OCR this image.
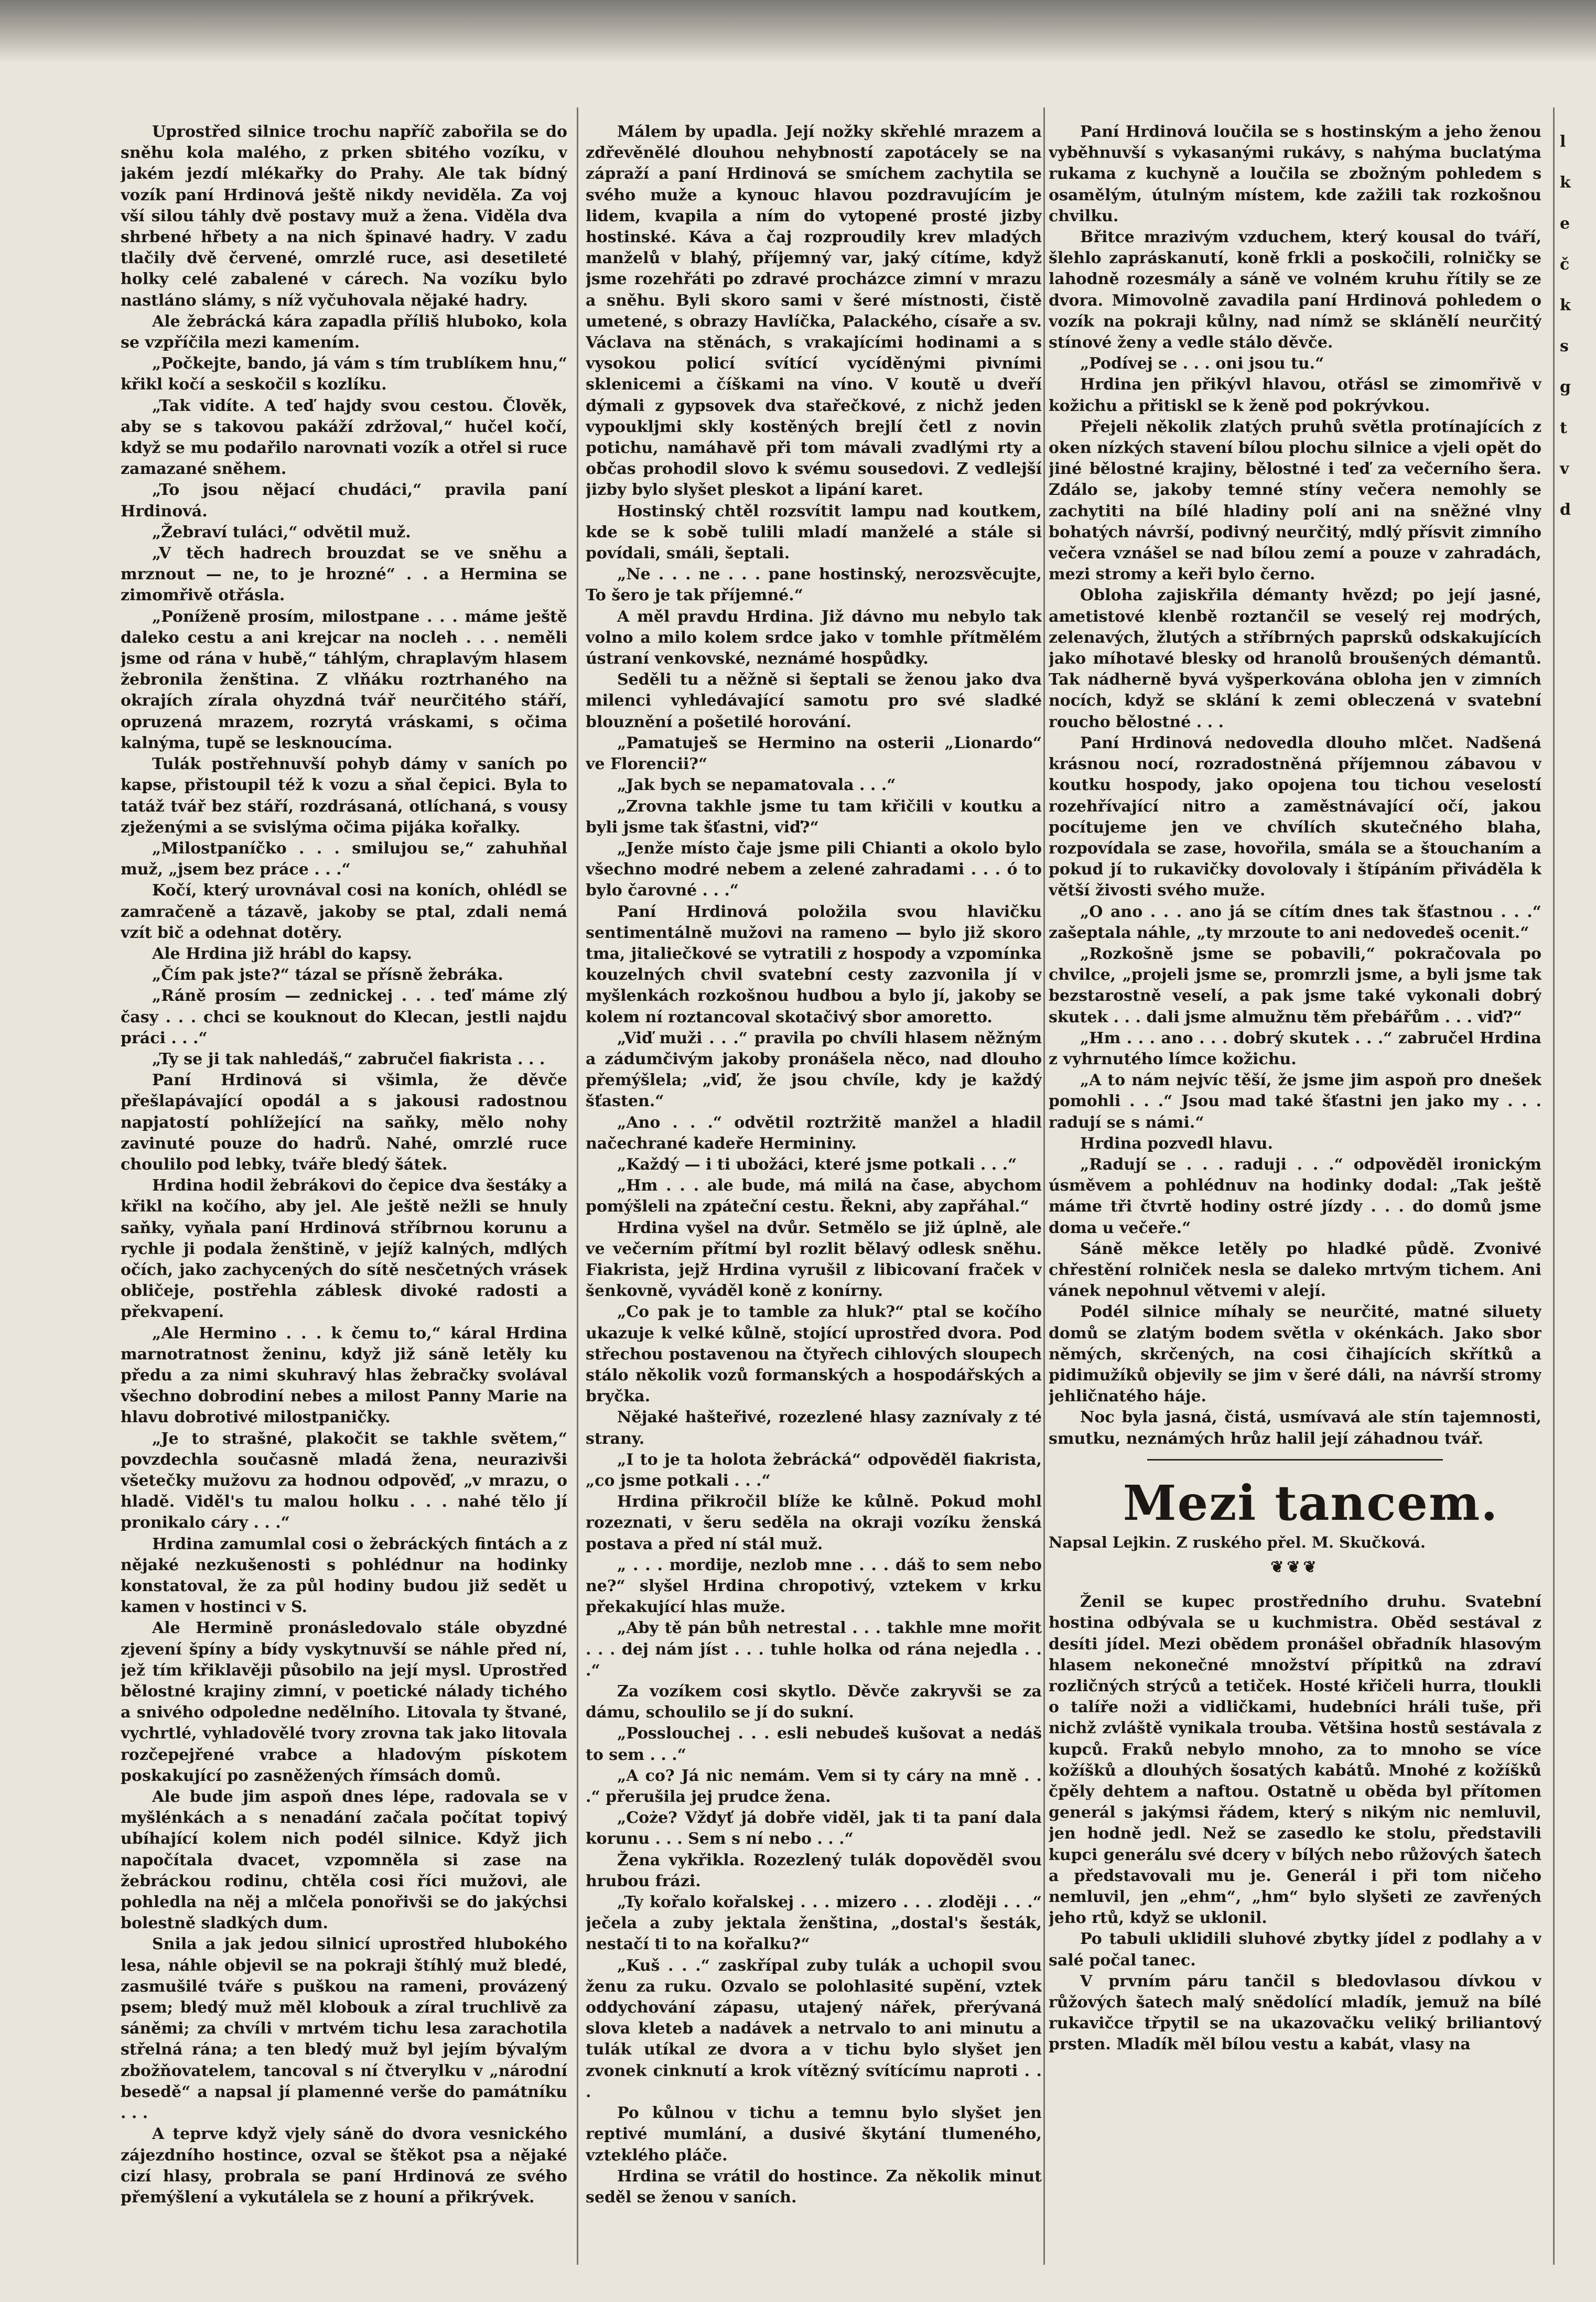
Uprostřed silnice trochu napříč zabořila se do sněhu kola malého, z prken sbitého vozíku, v jakém jezdí mlékařky do Prahy. Ale tak bídný vozík paní Hrdinová ještě nikdy neviděla. Za voj vší silou táhly dvě postavy muž a žena. Viděla dva shrbené hřbety a na nich špinavé hadry. V zadu tlačily dvě červené, omrzlé ruce, asi desetileté holky celé zabalené v cárech. Na vozíku bylo nastláno slámy, s níž vyčuhovala nějaké hadry.

Ale žebrácká kára zapadla příliš hluboko, kola se vzpříčila mezi kamením.

„Počkejte, bando, já vám s tím trublíkem hnu,“ křikl kočí a seskočil s kozlíku.

„Tak vidíte. A teď hajdy svou cestou. Člověk, aby se s takovou pakáží zdržoval,“ hučel kočí, když se mu podařilo narovnati vozík a otřel si ruce zamazané sněhem.

„To jsou nějací chudáci,“ pravila paní Hrdinová.

„Žebraví tuláci,“ odvětil muž.

„V těch hadrech brouzdat se ve sněhu a mrznout — ne, to je hrozné“ . . a Hermina se zimomřivě otřásla.

„Poníženě prosím, milostpane . . . máme ještě daleko cestu a ani krejcar na nocleh . . . neměli jsme od rána v hubě,“ táhlým, chraplavým hlasem žebronila ženština. Z vlňáku roztrhaného na okrajích zírala ohyzdná tvář neurčitého stáří, opruzená mrazem, rozrytá vráskami, s očima kalnýma, tupě se lesknoucíma.

Tulák postřehnuvší pohyb dámy v saních po kapse, přistoupil též k vozu a sňal čepici. Byla to tatáž tvář bez stáří, rozdrásaná, otlíchaná, s vousy zježenými a se svislýma očima pijáka kořalky.

„Milostpaníčko . . . smilujou se,“ zahuhňal muž, „jsem bez práce . . .“

Kočí, který urovnával cosi na koních, ohlédl se zamračeně a tázavě, jakoby se ptal, zdali nemá vzít bič a odehnat dotěry.

Ale Hrdina již hrábl do kapsy.

„Čím pak jste?“ tázal se přísně žebráka.

„Ráně prosím — zednickej . . . teď máme zlý časy . . . chci se kouknout do Klecan, jestli najdu práci . . .“

„Ty se ji tak nahledáš,“ zabručel fiakrista . . .

Paní Hrdinová si všimla, že děvče přešlapávající opodál a s jakousi radostnou napjatostí pohlížející na saňky, mělo nohy zavinuté pouze do hadrů. Nahé, omrzlé ruce choulilo pod lebky, tváře bledý šátek.

Hrdina hodil žebrákovi do čepice dva šestáky a křikl na kočího, aby jel. Ale ještě nežli se hnuly saňky, vyňala paní Hrdinová stříbrnou korunu a rychle ji podala ženštině, v jejíž kalných, mdlých očích, jako zachycených do sítě nesčetných vrásek obličeje, postřehla záblesk divoké radosti a překvapení.

„Ale Hermino . . . k čemu to,“ káral Hrdina marnotratnost ženinu, když již sáně letěly ku předu a za nimi skuhravý hlas žebračky svolával všechno dobrodiní nebes a milost Panny Marie na hlavu dobrotivé milostpaničky.

„Je to strašné, plakočit se takhle světem,“ povzdechla současně mladá žena, neurazivši všetečky mužovu za hodnou odpověď, „v mrazu, o hladě. Viděl's tu malou holku . . . nahé tělo jí pronikalo cáry . . .“

Hrdina zamumlal cosi o žebráckých fintách a z nějaké nezkušenosti s pohlédnur na hodinky konstatoval, že za půl hodiny budou již sedět u kamen v hostinci v S.

Ale Hermině pronásledovalo stále obyzdné zjevení špíny a bídy vyskytnuvší se náhle před ní, jež tím křiklavěji působilo na její mysl. Uprostřed bělostné krajiny zimní, v poetické nálady tichého a snivého odpoledne nedělního. Litovala ty štvané, vychrtlé, vyhladovělé tvory zrovna tak jako litovala rozčepejřené vrabce a hladovým pískotem poskakující po zasněžených římsách domů.

Ale bude jim aspoň dnes lépe, radovala se v myšlénkách a s nenadání začala počítat topivý ubíhající kolem nich podél silnice. Když jich napočítala dvacet, vzpomněla si zase na žebráckou rodinu, chtěla cosi říci mužovi, ale pohledla na něj a mlčela ponořivši se do jakýchsi bolestně sladkých dum.

Snila a jak jedou silnicí uprostřed hlubokého lesa, náhle objevil se na pokraji štíhlý muž bledé, zasmušilé tváře s puškou na rameni, provázený psem; bledý muž měl klobouk a zíral truchlivě za sáněmi; za chvíli v mrtvém tichu lesa zarachotila střelná rána; a ten bledý muž byl jejím bývalým zbožňovatelem, tancoval s ní čtverylku v „národní besedě“ a napsal jí plamenné verše do památníku . . .

A teprve když vjely sáně do dvora vesnického zájezdního hostince, ozval se štěkot psa a nějaké cizí hlasy, probrala se paní Hrdinová ze svého přemýšlení a vykutálela se z houní a přikrývek.

Málem by upadla. Její nožky skřehlé mrazem a zdřevěnělé dlouhou nehybností zapotácely se na zápraží a paní Hrdinová se smíchem zachytila se svého muže a kynouc hlavou pozdravujícím je lidem, kvapila a ním do vytopené prosté jizby hostinské. Káva a čaj rozproudily krev mladých manželů v blahý, příjemný var, jaký cítíme, když jsme rozehřáti po zdravé procházce zimní v mrazu a sněhu. Byli skoro sami v šeré místnosti, čistě umetené, s obrazy Havlíčka, Palackého, císaře a sv. Václava na stěnách, s vrakajícími hodinami a s vysokou policí svítící vycíděnými pivními sklenicemi a číškami na víno. V koutě u dveří dýmali z gypsovek dva stařečkové, z nichž jeden vypoukljmi skly kostěných brejlí četl z novin potichu, namáhavě při tom mávali zvadlými rty a občas prohodil slovo k svému sousedovi. Z vedlejší jizby bylo slyšet pleskot a lipání karet.

Hostinský chtěl rozsvítit lampu nad koutkem, kde se k sobě tulili mladí manželé a stále si povídali, smáli, šeptali.

„Ne . . . ne . . . pane hostinský, nerozsvěcujte, To šero je tak příjemné.“

A měl pravdu Hrdina. Již dávno mu nebylo tak volno a milo kolem srdce jako v tomhle přítmělém ústraní venkovské, neznámé hospůdky.

Seděli tu a něžně si šeptali se ženou jako dva milenci vyhledávající samotu pro své sladké blouznění a pošetilé horování.

„Pamatuješ se Hermino na osterii „Lionardo“ ve Florencii?“

„Jak bych se nepamatovala . . .“

„Zrovna takhle jsme tu tam křičili v koutku a byli jsme tak šťastni, viď?“

„Jenže místo čaje jsme pili Chianti a okolo bylo všechno modré nebem a zelené zahradami . . . ó to bylo čarovné . . .“

Paní Hrdinová položila svou hlavičku sentimentálně mužovi na rameno — bylo již skoro tma, jitaliečkové se vytratili z hospody a vzpomínka kouzelných chvil svatební cesty zazvonila jí v myšlenkách rozkošnou hudbou a bylo jí, jakoby se kolem ní roztancoval skotačivý sbor amoretto.

„Viď muži . . .“ pravila po chvíli hlasem něžným a zádumčivým jakoby pronášela něco, nad dlouho přemýšlela; „viď, že jsou chvíle, kdy je každý šťasten.“

„Ano . . .“ odvětil roztržitě manžel a hladil načechrané kadeře Hermininy.

„Každý — i ti ubožáci, které jsme potkali . . .“

„Hm . . . ale bude, má milá na čase, abychom pomýšleli na zpáteční cestu. Řekni, aby zapřáhal.“

Hrdina vyšel na dvůr. Setmělo se již úplně, ale ve večerním přítmí byl rozlit bělavý odlesk sněhu. Fiakrista, jejž Hrdina vyrušil z libicovaní fraček v šenkovně, vyváděl koně z konírny.

„Co pak je to tamble za hluk?“ ptal se kočího ukazuje k velké kůlně, stojící uprostřed dvora. Pod střechou postavenou na čtyřech cihlových sloupech stálo několik vozů formanských a hospodářských a bryčka.

Nějaké hašteřivé, rozezlené hlasy zaznívaly z té strany.

„I to je ta holota žebrácká“ odpověděl fiakrista, „co jsme potkali . . .“

Hrdina přikročil blíže ke kůlně. Pokud mohl rozeznati, v šeru seděla na okraji vozíku ženská postava a před ní stál muž.

„ . . . mordije, nezlob mne . . . dáš to sem nebo ne?“ slyšel Hrdina chropotivý, vztekem v krku překakující hlas muže.

„Aby tě pán bůh netrestal . . . takhle mne mořit . . . dej nám jíst . . . tuhle holka od rána nejedla . . .“

Za vozíkem cosi skytlo. Děvče zakryvši se za dámu, schoulilo se jí do sukní.

„Posslouchej . . . esli nebudeš kušovat a nedáš to sem . . .“

„A co? Já nic nemám. Vem si ty cáry na mně . . .“ přerušila jej prudce žena.

„Coże? Vždyť já dobře viděl, jak ti ta paní dala korunu . . . Sem s ní nebo . . .“

Žena vykřikla. Rozezlený tulák dopověděl svou hrubou frázi.

„Ty kořalo kořalskej . . . mizero . . . zloději . . .“ ječela a zuby jektala ženština, „dostal's šesták, nestačí ti to na kořalku?“

„Kuš . . .“ zaskřípal zuby tulák a uchopil svou ženu za ruku. Ozvalo se polohlasité supění, vztek oddychování zápasu, utajený nářek, přerývaná slova kleteb a nadávek a netrvalo to ani minutu a tulák utíkal ze dvora a v tichu bylo slyšet jen zvonek cinknutí a krok vítězný svítícímu naproti . . .

Po kůlnou v tichu a temnu bylo slyšet jen reptivé mumlání, a dusivé škytání tlumeného, vzteklého pláče.

Hrdina se vrátil do hostince. Za několik minut seděl se ženou v saních.

Paní Hrdinová loučila se s hostinským a jeho ženou vyběhnuvší s vykasanými rukávy, s nahýma buclatýma rukama z kuchyně a loučila se zbožným pohledem s osamělým, útulným místem, kde zažili tak rozkošnou chvilku.

Břitce mrazivým vzduchem, který kousal do tváří, šlehlo zapráskanutí, koně frkli a poskočili, rolničky se lahodně rozesmály a sáně ve volném kruhu řítily se ze dvora. Mimovolně zavadila paní Hrdinová pohledem o vozík na pokraji kůlny, nad nímž se sklánělí neurčitý stínové ženy a vedle stálo děvče.

„Podívej se . . . oni jsou tu.“

Hrdina jen přikývl hlavou, otřásl se zimomřivě v kožichu a přitiskl se k ženě pod pokrývkou.

Přejeli několik zlatých pruhů světla protínajících z oken nízkých stavení bílou plochu silnice a vjeli opět do jiné bělostné krajiny, bělostné i teď za večerního šera. Zdálo se, jakoby temné stíny večera nemohly se zachytiti na bílé hladiny polí ani na sněžné vlny bohatých návrší, podivný neurčitý, mdlý přísvit zimního večera vznášel se nad bílou zemí a pouze v zahradách, mezi stromy a keři bylo černo.

Obloha zajiskřila démanty hvězd; po její jasné, ametistové klenbě roztančil se veselý rej modrých, zelenavých, žlutých a stříbrných paprsků odskakujících jako míhotavé blesky od hranolů broušených démantů. Tak nádherně byvá vyšperkována obloha jen v zimních nocích, když se sklání k zemi obleczená v svatební roucho bělostné . . .

Paní Hrdinová nedovedla dlouho mlčet. Nadšená krásnou nocí, rozradostněná příjemnou zábavou v koutku hospody, jako opojena tou tichou veselostí rozehřívající nitro a zaměstnávající očí, jakou pocítujeme jen ve chvílích skutečného blaha, rozpovídala se zase, hovořila, smála se a štouchaním a pokud jí to rukavičky dovolovaly i štípáním přiváděla k větší živosti svého muže.

„O ano . . . ano já se cítím dnes tak šťastnou . . .“ zašeptala náhle, „ty mrzoute to ani nedovedeš ocenit.“

„Rozkošně jsme se pobavili,“ pokračovala po chvilce, „projeli jsme se, promrzli jsme, a byli jsme tak bezstarostně veselí, a pak jsme také vykonali dobrý skutek . . . dali jsme almužnu těm přebářům . . . viď?“

„Hm . . . ano . . . dobrý skutek . . .“ zabručel Hrdina z vyhrnutého límce kožichu.

„A to nám nejvíc těší, že jsme jim aspoň pro dnešek pomohli . . .“ Jsou mad také šťastni jen jako my . . . radují se s námi.“

Hrdina pozvedl hlavu.

„Radují se . . . raduji . . .“ odpověděl ironickým úsměvem a pohlédnuv na hodinky dodal: „Tak ještě máme tři čtvrtě hodiny ostré jízdy . . . do domů jsme doma u večeře.“

Sáně měkce letěly po hladké půdě. Zvonivé chřestění rolniček nesla se daleko mrtvým tichem. Ani vánek nepohnul větvemi v alejí.

Podél silnice míhaly se neurčité, matné siluety domů se zlatým bodem světla v okénkách. Jako sbor němých, skrčených, na cosi čihajících skřítků a pidimužíků objevily se jim v šeré dáli, na návrší stromy jehličnatého háje.

Noc byla jasná, čistá, usmívavá ale stín tajemnosti, smutku, neznámých hrůz halil její záhadnou tvář.

Mezi tancem.

Napsal Lejkin. Z ruského přel. M. Skučková.

❦❦❦

Ženil se kupec prostředního druhu. Svatební hostina odbývala se u kuchmistra. Oběd sestával z desíti jídel. Mezi obědem pronášel obřadník hlasovým hlasem nekonečné množství přípitků na zdraví rozličných strýců a tetiček. Hosté křičeli hurra, tloukli o talíře noži a vidličkami, hudebníci hráli tuše, při nichž zvláště vynikala trouba. Většina hostů sestávala z kupců. Fraků nebylo mnoho, za to mnoho se více kožíšků a dlouhých šosatých kabátů. Mnohé z kožíšků čpěly dehtem a naftou. Ostatně u oběda byl přítomen generál s jakýmsi řádem, který s nikým nic nemluvil, jen hodně jedl. Než se zasedlo ke stolu, představili kupci generálu své dcery v bílých nebo růžových šatech a představovali mu je. Generál i při tom ničeho nemluvil, jen „ehm“, „hm“ bylo slyšeti ze zavřených jeho rtů, když se uklonil.

Po tabuli uklidili sluhové zbytky jídel z podlahy a v salé počal tanec.

V prvním páru tančil s bledovlasou dívkou v růžových šatech malý snědolící mladík, jemuž na bílé rukavičce třpytil se na ukazovačku veliký briliantový prsten. Mladík měl bílou vestu a kabát, vlasy na

l
k
e
č
k
s
g
t
v
d
